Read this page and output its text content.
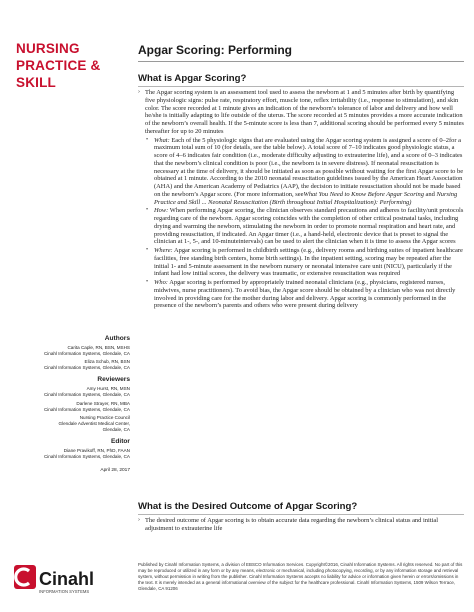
NURSING
PRACTICE &
SKILL
Authors
Carita Caple, RN, BSN, MSHS
Cinahl Information Systems, Glendale, CA
Eliza Schub, RN, BSN
Cinahl Information Systems, Glendale, CA
Reviewers
Amy Hurst, RN, MSN
Cinahl Information Systems, Glendale, CA
Darlene Strayer, RN, MBA
Cinahl Information Systems, Glendale, CA
Nursing Practice Council
Glendale Adventist Medical Center,
Glendale, CA
Editor
Diane Pravikoff, RN, PhD, FAAN
Cinahl Information Systems, Glendale, CA
April 28, 2017
Cinahl
INFORMATION SYSTEMS
Apgar Scoring: Performing
What is Apgar Scoring?
› The Apgar scoring system is an assessment tool used to assess the newborn at 1 and 5 minutes after birth by quantifying five physiologic signs: pulse rate, respiratory effort, muscle tone, reflex irritability (i.e., response to stimulation), and skin color. The score recorded at 1 minute gives an indication of the newborn’s tolerance of labor and delivery and how well he/she is initially adapting to life outside of the uterus. The score recorded at 5 minutes provides a more accurate indication of the newborn’s overall health. If the 5-minute score is less than 7, additional scoring should be performed every 5 minutes thereafter for up to 20 minutes
• What: Each of the 5 physiologic signs that are evaluated using the Apgar scoring system is assigned a score of 0–2for a maximum total sum of 10 (for details, see the table below). A total score of 7–10 indicates good physiologic status, a score of 4–6 indicates fair condition (i.e., moderate difficulty adjusting to extrauterine life), and a score of 0–3 indicates that the newborn’s clinical condition is poor (i.e., the newborn is in severe distress). If neonatal resuscitation is necessary at the time of delivery, it should be initiated as soon as possible without waiting for the first Apgar score to be obtained at 1 minute. According to the 2010 neonatal resuscitation guidelines issued by the American Heart Association (AHA) and the American Academy of Pediatrics (AAP), the decision to initiate resuscitation should not be made based on the newborn’s Apgar score. (For more information, seeWhat You Need to Know Before Apgar Scoring and Nursing Practice and Skill ... Neonatal Resuscitation (Birth throughout Initial Hospitalization): Performing)
• How: When performing Apgar scoring, the clinician observes standard precautions and adheres to facility/unit protocols regarding care of the newborn. Apgar scoring coincides with the completion of other critical postnatal tasks, including drying and warming the newborn, stimulating the newborn in order to promote normal respiration and heart rate, and providing resuscitation, if indicated. An Apgar timer (i.e., a hand-held, electronic device that is preset to signal the clinician at 1-, 5-, and 10-minuteintervals) can be used to alert the clinician when it is time to assess the Apgar scores
• Where: Apgar scoring is performed in childbirth settings (e.g., delivery rooms and birthing suites of inpatient healthcare facilities, free standing birth centers, home birth settings). In the inpatient setting, scoring may be repeated after the initial 1- and 5-minute assessment in the newborn nursery or neonatal intensive care unit (NICU), particularly if the infant had low initial scores, the delivery was traumatic, or extensive resuscitation was required
• Who: Apgar scoring is performed by appropriately trained neonatal clinicians (e.g., physicians, registered nurses, midwives, nurse practitioners). To avoid bias, the Apgar score should be obtained by a clinician who was not directly involved in providing care for the mother during labor and delivery. Apgar scoring is commonly performed in the presence of the newborn’s parents and others who were present during delivery
What is the Desired Outcome of Apgar Scoring?
› The desired outcome of Apgar scoring is to obtain accurate data regarding the newborn’s clinical status and initial adjustment to extrauterine life
Published by Cinahl Information Systems, a division of EBSCO Information Services. Copyright©2016, Cinahl Information Systems. All rights reserved. No part of this may be reproduced or utilized in any form or by any means, electronic or mechanical, including photocopying, recording, or by any information storage and retrieval system, without permission in writing from the publisher. Cinahl Information Systems accepts no liability for advice or information given herein or errors/omissions in the text. It is merely intended as a general informational overview of the subject for the healthcare professional. Cinahl Information Systems, 1509 Wilson Terrace, Glendale, CA 91206
